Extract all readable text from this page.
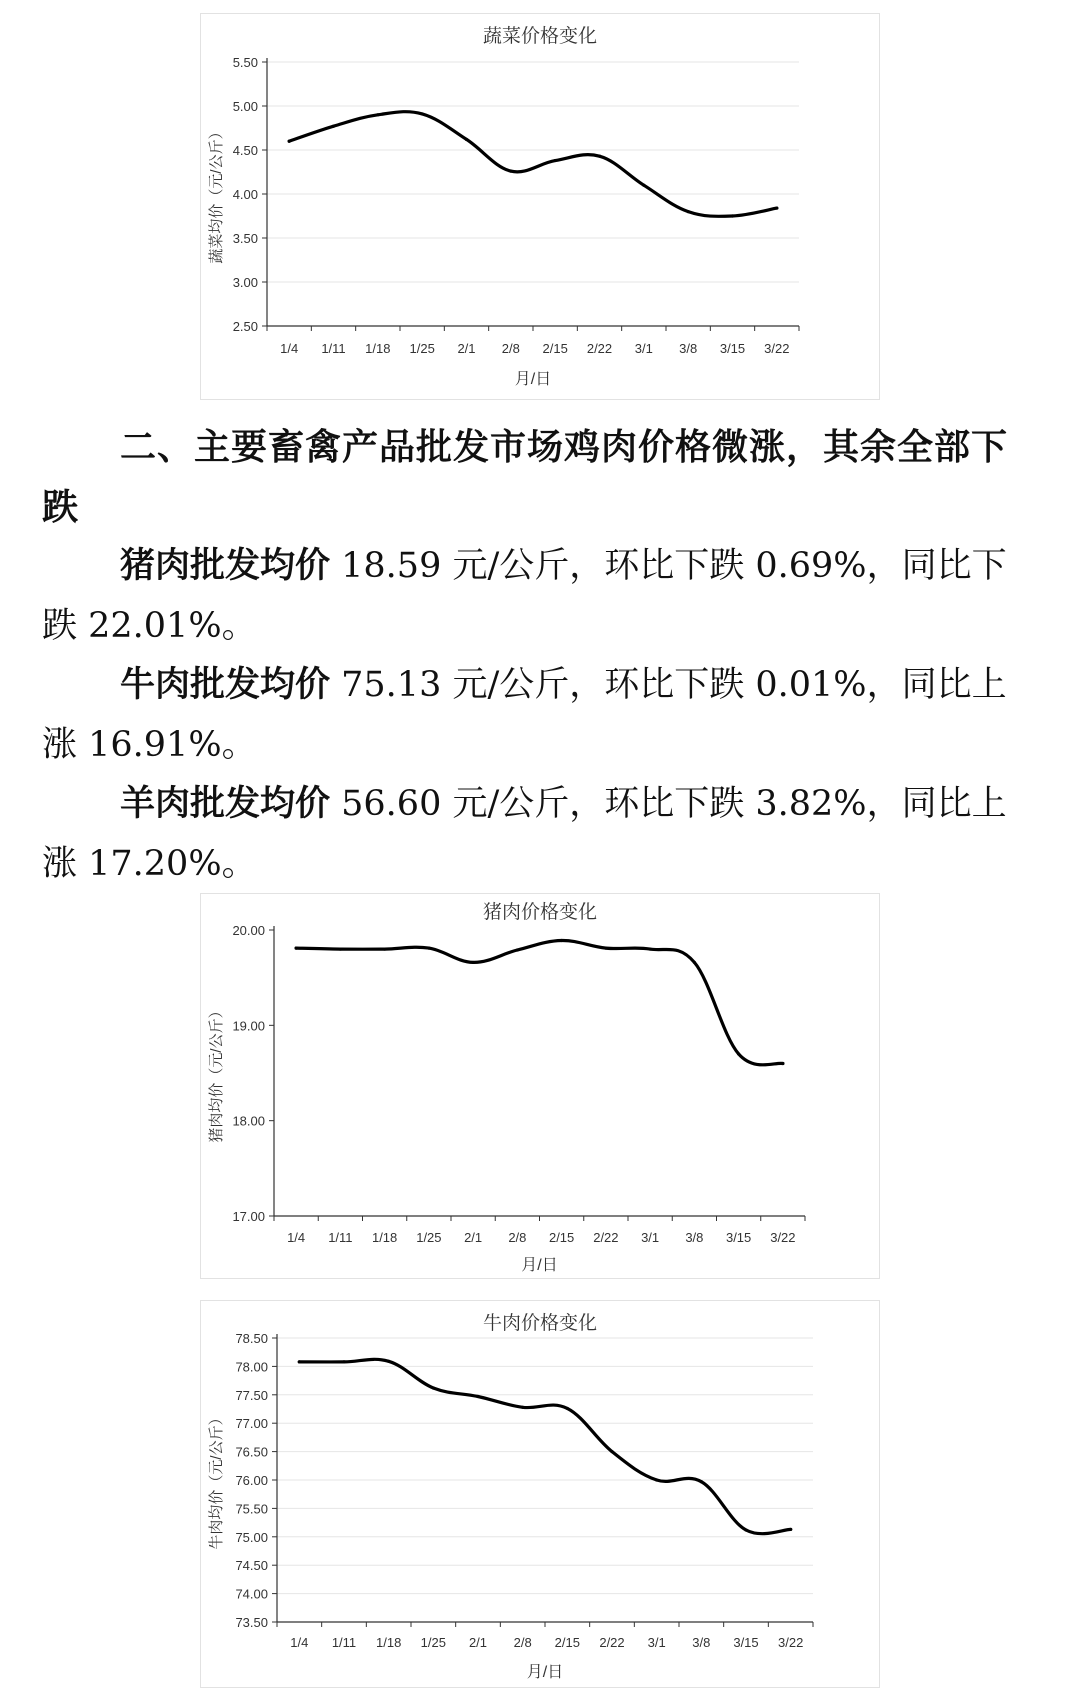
蔬菜价格变化
2.50
3.00
3.50
4.00
4.50
5.00
5.50
1/4 1/11 1/18 1/25 2/1 2/8 2/15 2/22 3/1 3/8 3/15 3/22
月/日
蔬菜均价（元/公斤）
二、主要畜禽产品批发市场鸡肉价格微涨，其余全部下
跌
猪肉批发均价 18.59 元/公斤，环比下跌 0.69%，同比下
跌 22.01%。
牛肉批发均价 75.13 元/公斤，环比下跌 0.01%，同比上
涨 16.91%。
羊肉批发均价 56.60 元/公斤，环比下跌 3.82%，同比上
涨 17.20%。
猪肉价格变化
17.00
18.00
19.00
20.00
1/4 1/11 1/18 1/25 2/1 2/8 2/15 2/22 3/1 3/8 3/15 3/22
月/日
猪肉均价（元/公斤）
牛肉价格变化
73.50
74.00
74.50
75.00
75.50
76.00
76.50
77.00
77.50
78.00
78.50
1/4 1/11 1/18 1/25 2/1 2/8 2/15 2/22 3/1 3/8 3/15 3/22
月/日
牛肉均价（元/公斤）
